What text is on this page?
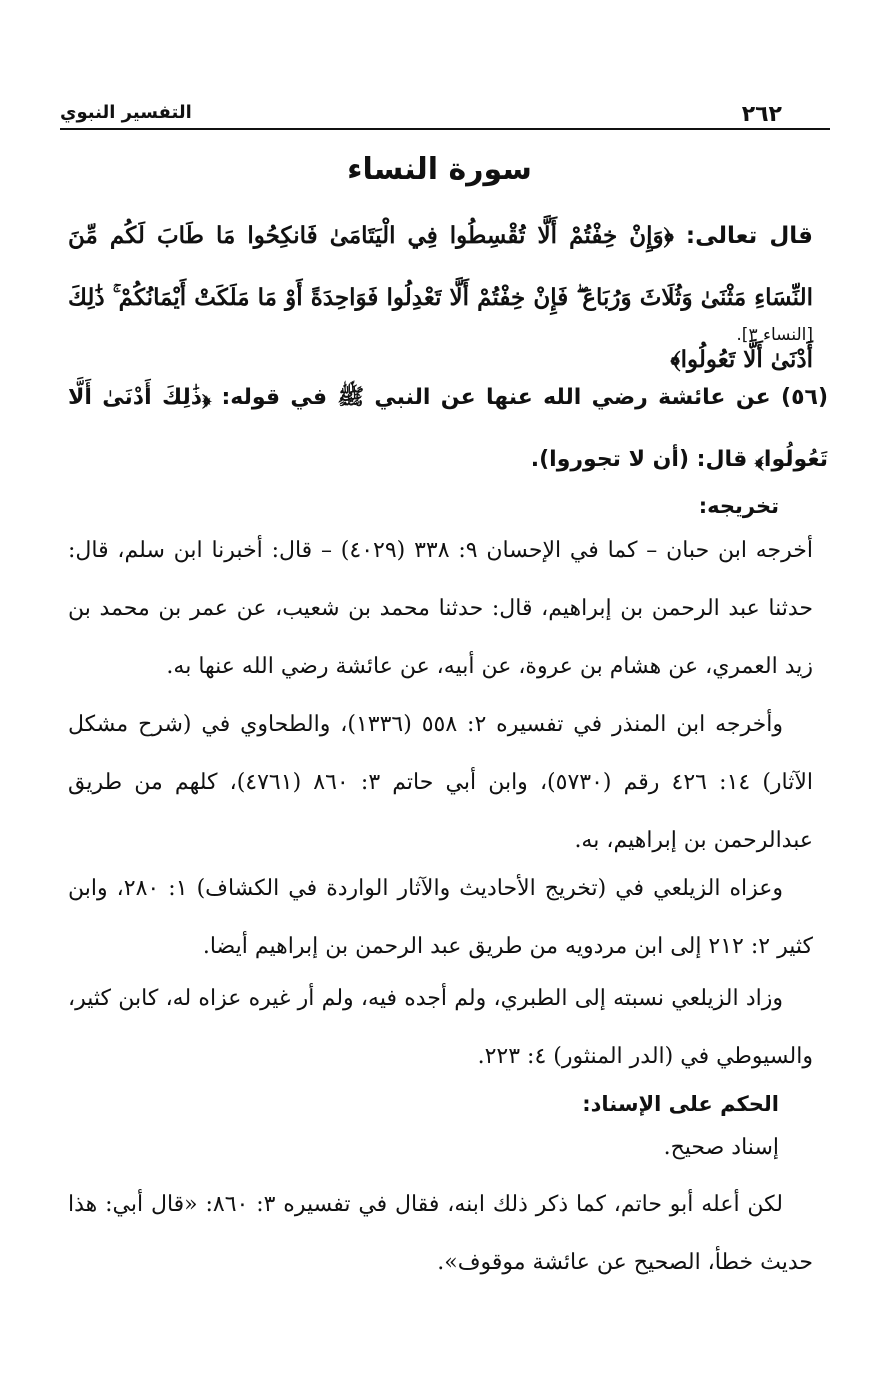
٢٦٢
التفسير النبوي
سورة النساء
قال تعالى: ﴿وَإِنْ خِفْتُمْ أَلَّا تُقْسِطُوا فِي الْيَتَامَىٰ فَانكِحُوا مَا طَابَ لَكُم مِّنَ النِّسَاءِ مَثْنَىٰ وَثُلَاثَ وَرُبَاعَ ۖ فَإِنْ خِفْتُمْ أَلَّا تَعْدِلُوا فَوَاحِدَةً أَوْ مَا مَلَكَتْ أَيْمَانُكُمْ ۚ ذَٰلِكَ أَدْنَىٰ أَلَّا تَعُولُوا﴾
[النساء ٣].
(٥٦) عن عائشة رضي الله عنها عن النبي ﷺ في قوله: ﴿ذَٰلِكَ أَدْنَىٰ أَلَّا تَعُولُوا﴾ قال: (أن لا تجوروا).
تخريجه:
أخرجه ابن حبان – كما في الإحسان ٩: ٣٣٨ (٤٠٢٩) – قال: أخبرنا ابن سلم، قال: حدثنا عبد الرحمن بن إبراهيم، قال: حدثنا محمد بن شعيب، عن عمر بن محمد بن زيد العمري، عن هشام بن عروة، عن أبيه، عن عائشة رضي الله عنها به.
وأخرجه ابن المنذر في تفسيره ٢: ٥٥٨ (١٣٣٦)، والطحاوي في (شرح مشكل الآثار) ١٤: ٤٢٦ رقم (٥٧٣٠)، وابن أبي حاتم ٣: ٨٦٠ (٤٧٦١)، كلهم من طريق عبدالرحمن بن إبراهيم، به.
وعزاه الزيلعي في (تخريج الأحاديث والآثار الواردة في الكشاف) ١: ٢٨٠، وابن كثير ٢: ٢١٢ إلى ابن مردويه من طريق عبد الرحمن بن إبراهيم أيضا.
وزاد الزيلعي نسبته إلى الطبري، ولم أجده فيه، ولم أر غيره عزاه له، كابن كثير، والسيوطي في (الدر المنثور) ٤: ٢٢٣.
الحكم على الإسناد:
إسناد صحيح.
لكن أعله أبو حاتم، كما ذكر ذلك ابنه، فقال في تفسيره ٣: ٨٦٠: «قال أبي: هذا حديث خطأ، الصحيح عن عائشة موقوف».
